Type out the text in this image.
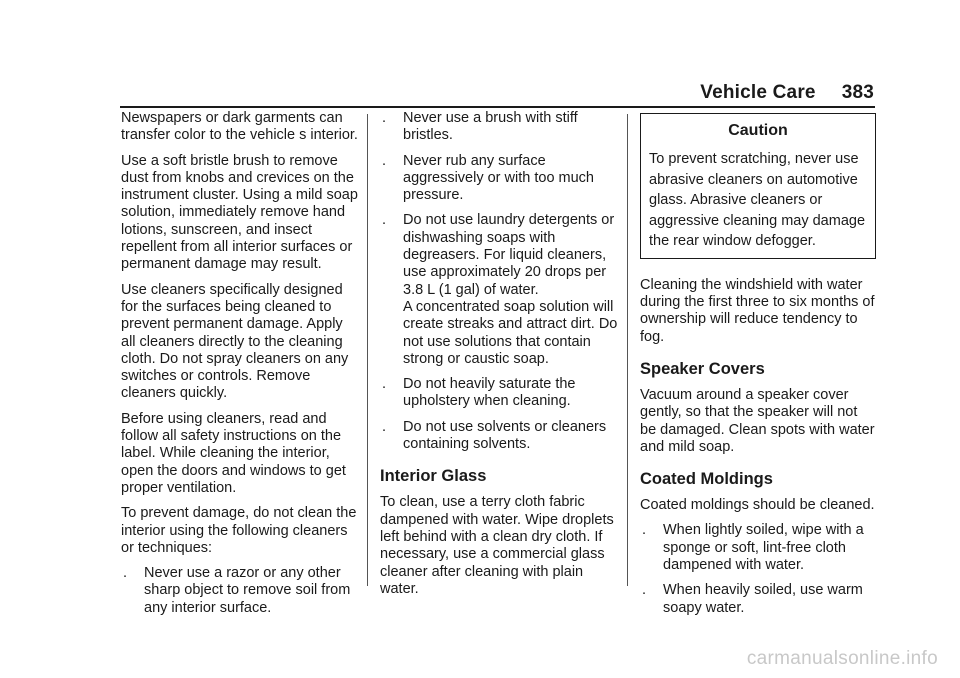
Vehicle Care 383

Newspapers or dark garments can transfer color to the vehicle s interior.

Use a soft bristle brush to remove dust from knobs and crevices on the instrument cluster. Using a mild soap solution, immediately remove hand lotions, sunscreen, and insect repellent from all interior surfaces or permanent damage may result.

Use cleaners specifically designed for the surfaces being cleaned to prevent permanent damage. Apply all cleaners directly to the cleaning cloth. Do not spray cleaners on any switches or controls. Remove cleaners quickly.

Before using cleaners, read and follow all safety instructions on the label. While cleaning the interior, open the doors and windows to get proper ventilation.

To prevent damage, do not clean the interior using the following cleaners or techniques:

. Never use a razor or any other sharp object to remove soil from any interior surface.
. Never use a brush with stiff bristles.
. Never rub any surface aggressively or with too much pressure.
. Do not use laundry detergents or dishwashing soaps with degreasers. For liquid cleaners, use approximately 20 drops per 3.8 L (1 gal) of water.
A concentrated soap solution will create streaks and attract dirt. Do not use solutions that contain strong or caustic soap.
. Do not heavily saturate the upholstery when cleaning.
. Do not use solvents or cleaners containing solvents.
Interior Glass

To clean, use a terry cloth fabric dampened with water. Wipe droplets left behind with a clean dry cloth. If necessary, use a commercial glass cleaner after cleaning with plain water.

Caution

To prevent scratching, never use abrasive cleaners on automotive glass. Abrasive cleaners or aggressive cleaning may damage the rear window defogger.

Cleaning the windshield with water during the first three to six months of ownership will reduce tendency to fog.

Speaker Covers

Vacuum around a speaker cover gently, so that the speaker will not be damaged. Clean spots with water and mild soap.

Coated Moldings

Coated moldings should be cleaned.

. When lightly soiled, wipe with a sponge or soft, lint-free cloth dampened with water.
. When heavily soiled, use warm soapy water.
carmanualsonline.info
